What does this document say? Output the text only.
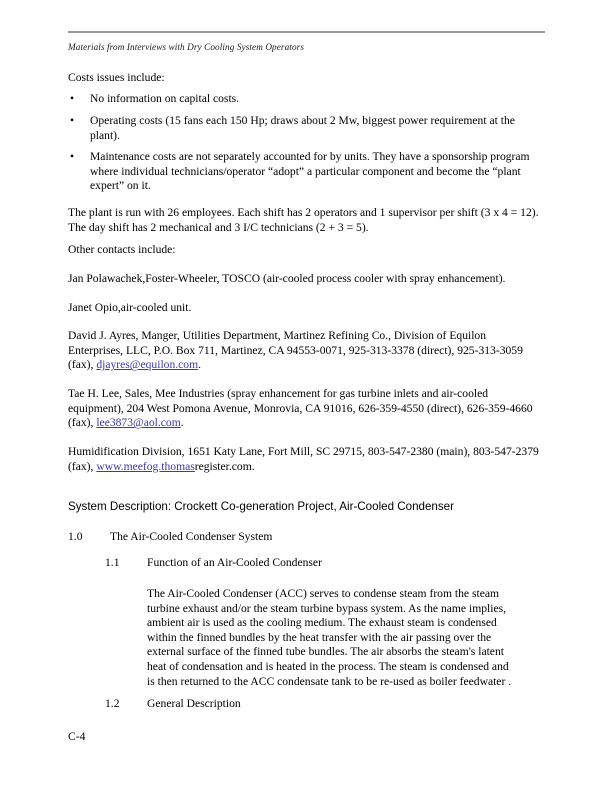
Materials from Interviews with Dry Cooling System Operators
Costs issues include:
•	No information on capital costs.
•	Operating costs (15 fans each 150 Hp; draws about 2 Mw, biggest power requirement at the plant).
•	Maintenance costs are not separately accounted for by units. They have a sponsorship program where individual technicians/operator “adopt” a particular component and become the “plant expert” on it.
The plant is run with 26 employees. Each shift has 2 operators and 1 supervisor per shift (3 x 4 = 12). The day shift has 2 mechanical and 3 I/C technicians (2 + 3 = 5).
Other contacts include:
Jan Polawachek,Foster-Wheeler, TOSCO (air-cooled process cooler with spray enhancement).
Janet Opio,air-cooled unit.
David J. Ayres, Manger, Utilities Department, Martinez Refining Co., Division of Equilon Enterprises, LLC, P.O. Box 711, Martinez, CA 94553-0071, 925-313-3378 (direct), 925-313-3059 (fax), djayres@equilon.com.
Tae H. Lee, Sales, Mee Industries (spray enhancement for gas turbine inlets and air-cooled equipment), 204 West Pomona Avenue, Monrovia, CA 91016, 626-359-4550 (direct), 626-359-4660 (fax), lee3873@aol.com.
Humidification Division, 1651 Katy Lane, Fort Mill, SC 29715, 803-547-2380 (main), 803-547-2379 (fax), www.meefog.thomasregister.com.
System Description: Crockett Co-generation Project, Air-Cooled Condenser
1.0 The Air-Cooled Condenser System
1.1 Function of an Air-Cooled Condenser
The Air-Cooled Condenser (ACC) serves to condense steam from the steam turbine exhaust and/or the steam turbine bypass system. As the name implies, ambient air is used as the cooling medium. The exhaust steam is condensed within the finned bundles by the heat transfer with the air passing over the external surface of the finned tube bundles. The air absorbs the steam's latent heat of condensation and is heated in the process. The steam is condensed and is then returned to the ACC condensate tank to be re-used as boiler feedwater .
1.2 General Description
C-4
